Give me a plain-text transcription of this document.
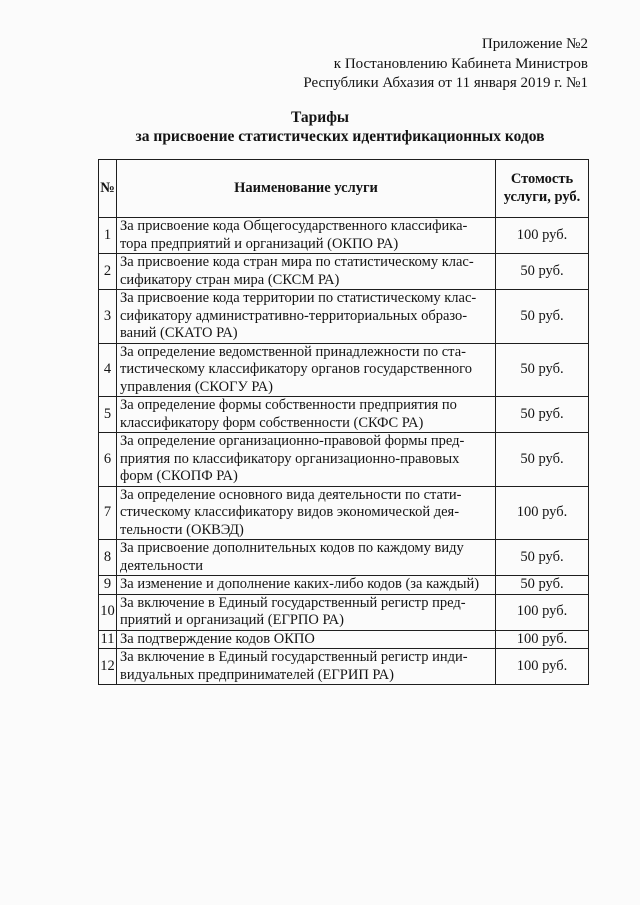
Приложение №2
к Постановлению Кабинета Министров
Республики Абхазия от 11 января 2019 г. №1
Тарифы
за присвоение статистических идентификационных кодов
№	Наименование услуги	Стомость услуги, руб.
1	За присвоение кода Общегосударственного классифика-
тора предприятий и организаций (ОКПО РА)	100 руб.
2	За присвоение кода стран мира по статистическому клас-
сификатору стран мира (СКСМ РА)	50 руб.
3	За присвоение кода территории по статистическому клас-
сификатору административно-территориальных образо-
ваний (СКАТО РА)	50 руб.
4	За определение ведомственной принадлежности по ста-
тистическому классификатору органов государственного
управления (СКОГУ РА)	50 руб.
5	За определение формы собственности предприятия по
классификатору форм собственности (СКФС РА)	50 руб.
6	За определение организационно-правовой формы пред-
приятия по классификатору организационно-правовых
форм (СКОПФ РА)	50 руб.
7	За определение основного вида деятельности по стати-
стическому классификатору видов экономической дея-
тельности (ОКВЭД)	100 руб.
8	За присвоение дополнительных кодов по каждому виду
деятельности	50 руб.
9	За изменение и дополнение каких-либо кодов (за каждый)	50 руб.
10	За включение в Единый государственный регистр пред-
приятий и организаций (ЕГРПО РА)	100 руб.
11	За подтверждение кодов ОКПО	100 руб.
12	За включение в Единый государственный регистр инди-
видуальных предпринимателей (ЕГРИП РА)	100 руб.
